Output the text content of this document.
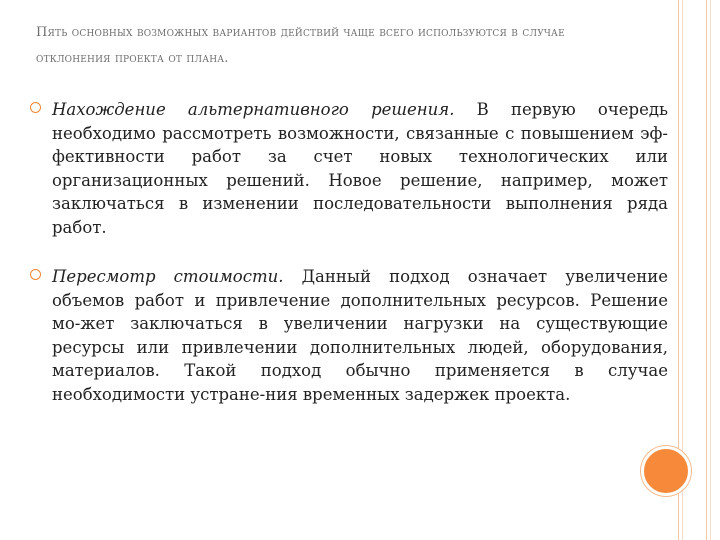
Пять основных возможных вариантов действий чаще всего используются в случае отклонения проекта от плана.
Нахождение альтернативного решения. В первую очередь необходимо рассмотреть возможности, связанные с повышением эф-фективности работ за счет новых технологических или организационных решений. Новое решение, например, может заключаться в изменении последовательности выполнения ряда работ.
Пересмотр стоимости. Данный подход означает увеличение объемов работ и привлечение дополнительных ресурсов. Решение мо-жет заключаться в увеличении нагрузки на существующие ресурсы или привлечении дополнительных людей, оборудования, материалов. Такой подход обычно применяется в случае необходимости устране-ния временных задержек проекта.
